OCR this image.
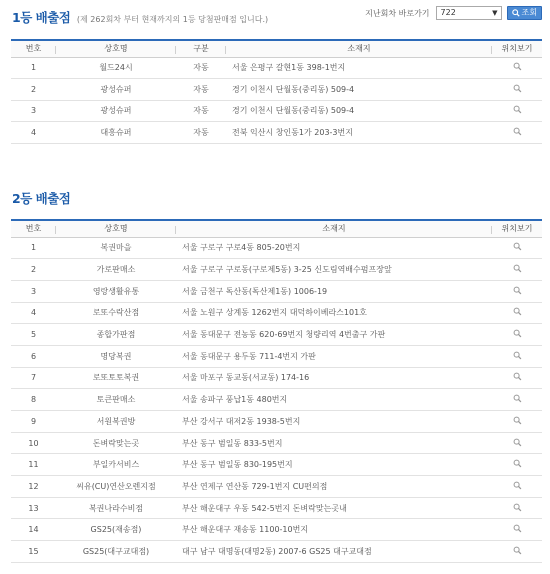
1등 배출점 (제 262회차 부터 현재까지의 1등 당첨판매점 입니다.)
지난회차 바로가기	722	▼	조회
번호	상호명	구분	소재지	위치보기
1	월드24시	자동	서울 은평구 갈현1동 398-1번지	
2	광성슈퍼	자동	경기 이천시 단월동(중리동) 509-4	
3	광성슈퍼	자동	경기 이천시 단월동(중리동) 509-4	
4	대흥슈퍼	자동	전북 익산시 창인동1가 203-3번지	
2등 배출점
번호	상호명	소재지	위치보기
1	복권마을	서울 구로구 구로4동 805-20번지	
2	가로판매소	서울 구로구 구로동(구로제5동) 3-25 신도림역배수펌프장앞	
3	영랑생활유통	서울 금천구 독산동(독산제1동) 1006-19	
4	로또수락산점	서울 노원구 상계동 1262번지 대덕하이베라스101호	
5	종합가판점	서울 동대문구 전농동 620-69번지 청량리역 4번출구 가판	
6	명당복권	서울 동대문구 용두동 711-4번지 가판	
7	로또토토복권	서울 마포구 동교동(서교동) 174-16	
8	토큰판매소	서울 송파구 풍납1동 480번지	
9	서원복권방	부산 강서구 대저2동 1938-5번지	
10	돈벼락맞는곳	부산 동구 범일동 833-5번지	
11	부일카서비스	부산 동구 범일동 830-195번지	
12	씨유(CU)연산오렌지점	부산 연제구 연산동 729-1번지 CU편의점	
13	복권나라수비점	부산 해운대구 우동 542-5번지 돈벼락맞는곳내	
14	GS25(재송점)	부산 해운대구 재송동 1100-10번지	
15	GS25(대구교대점)	대구 남구 대명동(대명2동) 2007-6 GS25 대구교대점	
